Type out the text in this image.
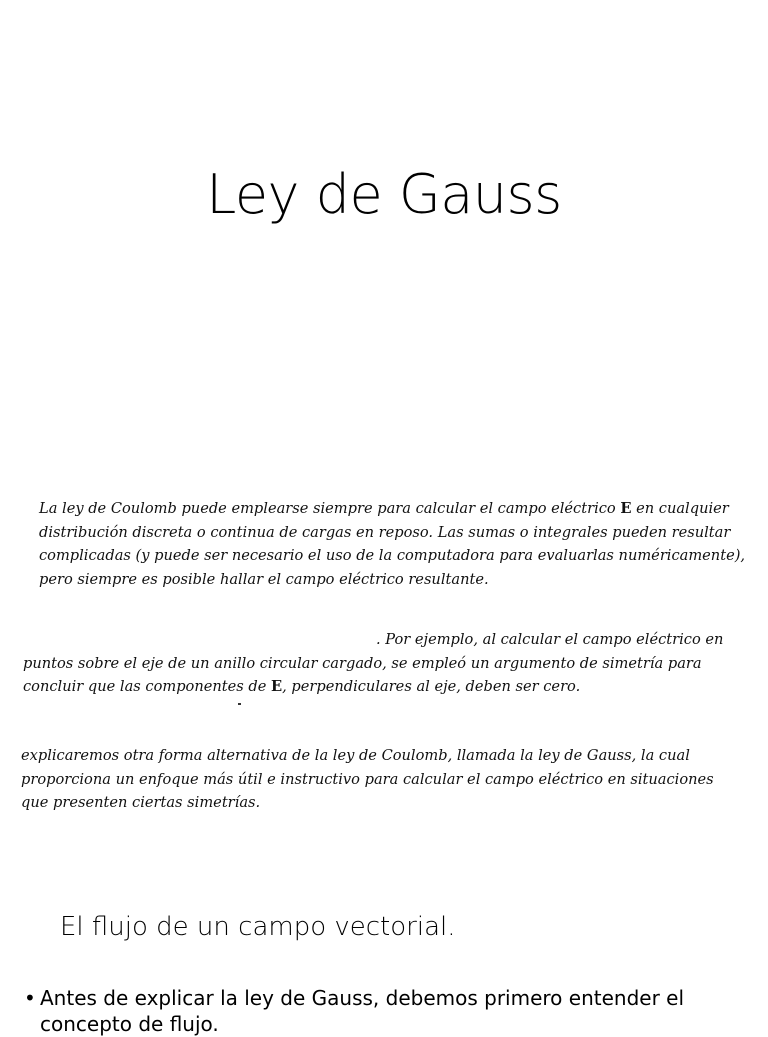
Ley de Gauss
La ley de Coulomb puede emplearse siempre para calcular el campo eléctrico E en cualquier
distribución discreta o continua de cargas en reposo. Las sumas o integrales pueden resultar
complicadas (y puede ser necesario el uso de la computadora para evaluarlas numéricamente),
pero siempre es posible hallar el campo eléctrico resultante.
. Por ejemplo, al calcular el campo eléctrico en
puntos sobre el eje de un anillo circular cargado, se empleó un argumento de simetría para
concluir que las componentes de E, perpendiculares al eje, deben ser cero.
explicaremos otra forma alternativa de la ley de Coulomb, llamada la ley de Gauss, la cual
proporciona un enfoque más útil e instructivo para calcular el campo eléctrico en situaciones
que presenten ciertas simetrías.
El flujo de un campo vectorial.
• Antes de explicar la ley de Gauss, debemos primero entender el
concepto de flujo.
